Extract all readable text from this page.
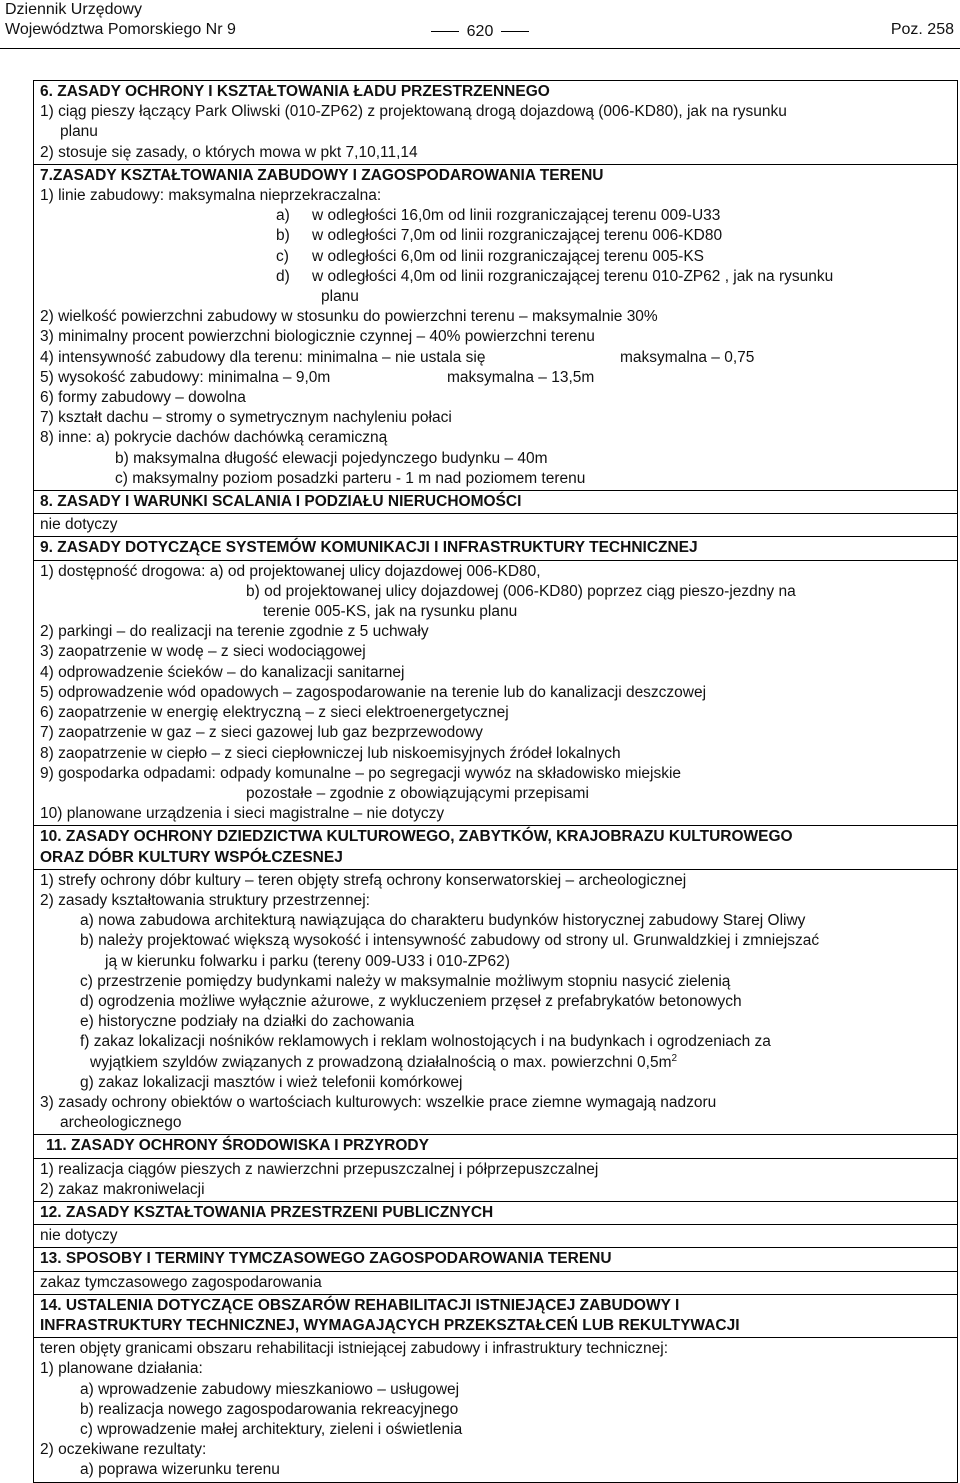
Dziennik Urzędowy
Województwa Pomorskiego Nr 9	620	Poz. 258
6. ZASADY OCHRONY I KSZTAŁTOWANIA ŁADU PRZESTRZENNEGO
1) ciąg pieszy łączący Park Oliwski (010-ZP62) z projektowaną drogą dojazdową (006-KD80), jak na rysunku
planu
2) stosuje się zasady, o których mowa w pkt 7,10,11,14
7.ZASADY KSZTAŁTOWANIA ZABUDOWY I ZAGOSPODAROWANIA TERENU
1) linie zabudowy: maksymalna nieprzekraczalna:
a) w odległości 16,0m od linii rozgraniczającej terenu 009-U33
b) w odległości 7,0m od linii rozgraniczającej terenu 006-KD80
c) w odległości 6,0m od linii rozgraniczającej terenu 005-KS
d) w odległości 4,0m od linii rozgraniczającej terenu 010-ZP62 , jak na rysunku
planu
2) wielkość powierzchni zabudowy w stosunku do powierzchni terenu – maksymalnie 30%
3) minimalny procent powierzchni biologicznie czynnej – 40% powierzchni terenu
4) intensywność zabudowy dla terenu: minimalna – nie ustala się	maksymalna – 0,75
5) wysokość zabudowy: minimalna – 9,0m	maksymalna – 13,5m
6) formy zabudowy – dowolna
7) kształt dachu – stromy o symetrycznym nachyleniu połaci
8) inne: a) pokrycie dachów dachówką ceramiczną
b) maksymalna długość elewacji pojedynczego budynku – 40m
c) maksymalny poziom posadzki parteru - 1 m nad poziomem terenu
8. ZASADY I WARUNKI SCALANIA I PODZIAŁU NIERUCHOMOŚCI
nie dotyczy
9. ZASADY DOTYCZĄCE SYSTEMÓW KOMUNIKACJI I INFRASTRUKTURY TECHNICZNEJ
1) dostępność drogowa: a) od projektowanej ulicy dojazdowej 006-KD80,
b) od projektowanej ulicy dojazdowej (006-KD80) poprzez ciąg pieszo-jezdny na
terenie 005-KS, jak na rysunku planu
2) parkingi – do realizacji na terenie zgodnie z 5 uchwały
3) zaopatrzenie w wodę – z sieci wodociągowej
4) odprowadzenie ścieków – do kanalizacji sanitarnej
5) odprowadzenie wód opadowych – zagospodarowanie na terenie lub do kanalizacji deszczowej
6) zaopatrzenie w energię elektryczną – z sieci elektroenergetycznej
7) zaopatrzenie w gaz – z sieci gazowej lub gaz bezprzewodowy
8) zaopatrzenie w ciepło – z sieci ciepłowniczej lub niskoemisyjnych źródeł lokalnych
9) gospodarka odpadami: odpady komunalne – po segregacji wywóz na składowisko miejskie
pozostałe – zgodnie z obowiązującymi przepisami
10) planowane urządzenia i sieci magistralne – nie dotyczy
10. ZASADY OCHRONY DZIEDZICTWA KULTUROWEGO, ZABYTKÓW, KRAJOBRAZU KULTUROWEGO
ORAZ DÓBR KULTURY WSPÓŁCZESNEJ
1) strefy ochrony dóbr kultury – teren objęty strefą ochrony konserwatorskiej – archeologicznej
2) zasady kształtowania struktury przestrzennej:
a) nowa zabudowa architekturą nawiązująca do charakteru budynków historycznej zabudowy Starej Oliwy
b) należy projektować większą wysokość i intensywność zabudowy od strony ul. Grunwaldzkiej i zmniejszać
ją w kierunku folwarku i parku (tereny 009-U33 i 010-ZP62)
c) przestrzenie pomiędzy budynkami należy w maksymalnie możliwym stopniu nasycić zielenią
d) ogrodzenia możliwe wyłącznie ażurowe, z wykluczeniem przęseł z prefabrykatów betonowych
e) historyczne podziały na działki do zachowania
f) zakaz lokalizacji nośników reklamowych i reklam wolnostojących i na budynkach i ogrodzeniach za
wyjątkiem szyldów związanych z prowadzoną działalnością o max. powierzchni $0,5m^2$
g) zakaz lokalizacji masztów i wież telefonii komórkowej
3) zasady ochrony obiektów o wartościach kulturowych: wszelkie prace ziemne wymagają nadzoru
archeologicznego
11. ZASADY OCHRONY ŚRODOWISKA I PRZYRODY
1) realizacja ciągów pieszych z nawierzchni przepuszczalnej i półprzepuszczalnej
2) zakaz makroniwelacji
12. ZASADY KSZTAŁTOWANIA PRZESTRZENI PUBLICZNYCH
nie dotyczy
13. SPOSOBY I TERMINY TYMCZASOWEGO ZAGOSPODAROWANIA TERENU
zakaz tymczasowego zagospodarowania
14. USTALENIA DOTYCZĄCE OBSZARÓW REHABILITACJI ISTNIEJĄCEJ ZABUDOWY I
INFRASTRUKTURY TECHNICZNEJ, WYMAGAJĄCYCH PRZEKSZTAŁCEŃ LUB REKULTYWACJI
teren objęty granicami obszaru rehabilitacji istniejącej zabudowy i infrastruktury technicznej:
1) planowane działania:
a) wprowadzenie zabudowy mieszkaniowo – usługowej
b) realizacja nowego zagospodarowania rekreacyjnego
c) wprowadzenie małej architektury, zieleni i oświetlenia
2) oczekiwane rezultaty:
a) poprawa wizerunku terenu
